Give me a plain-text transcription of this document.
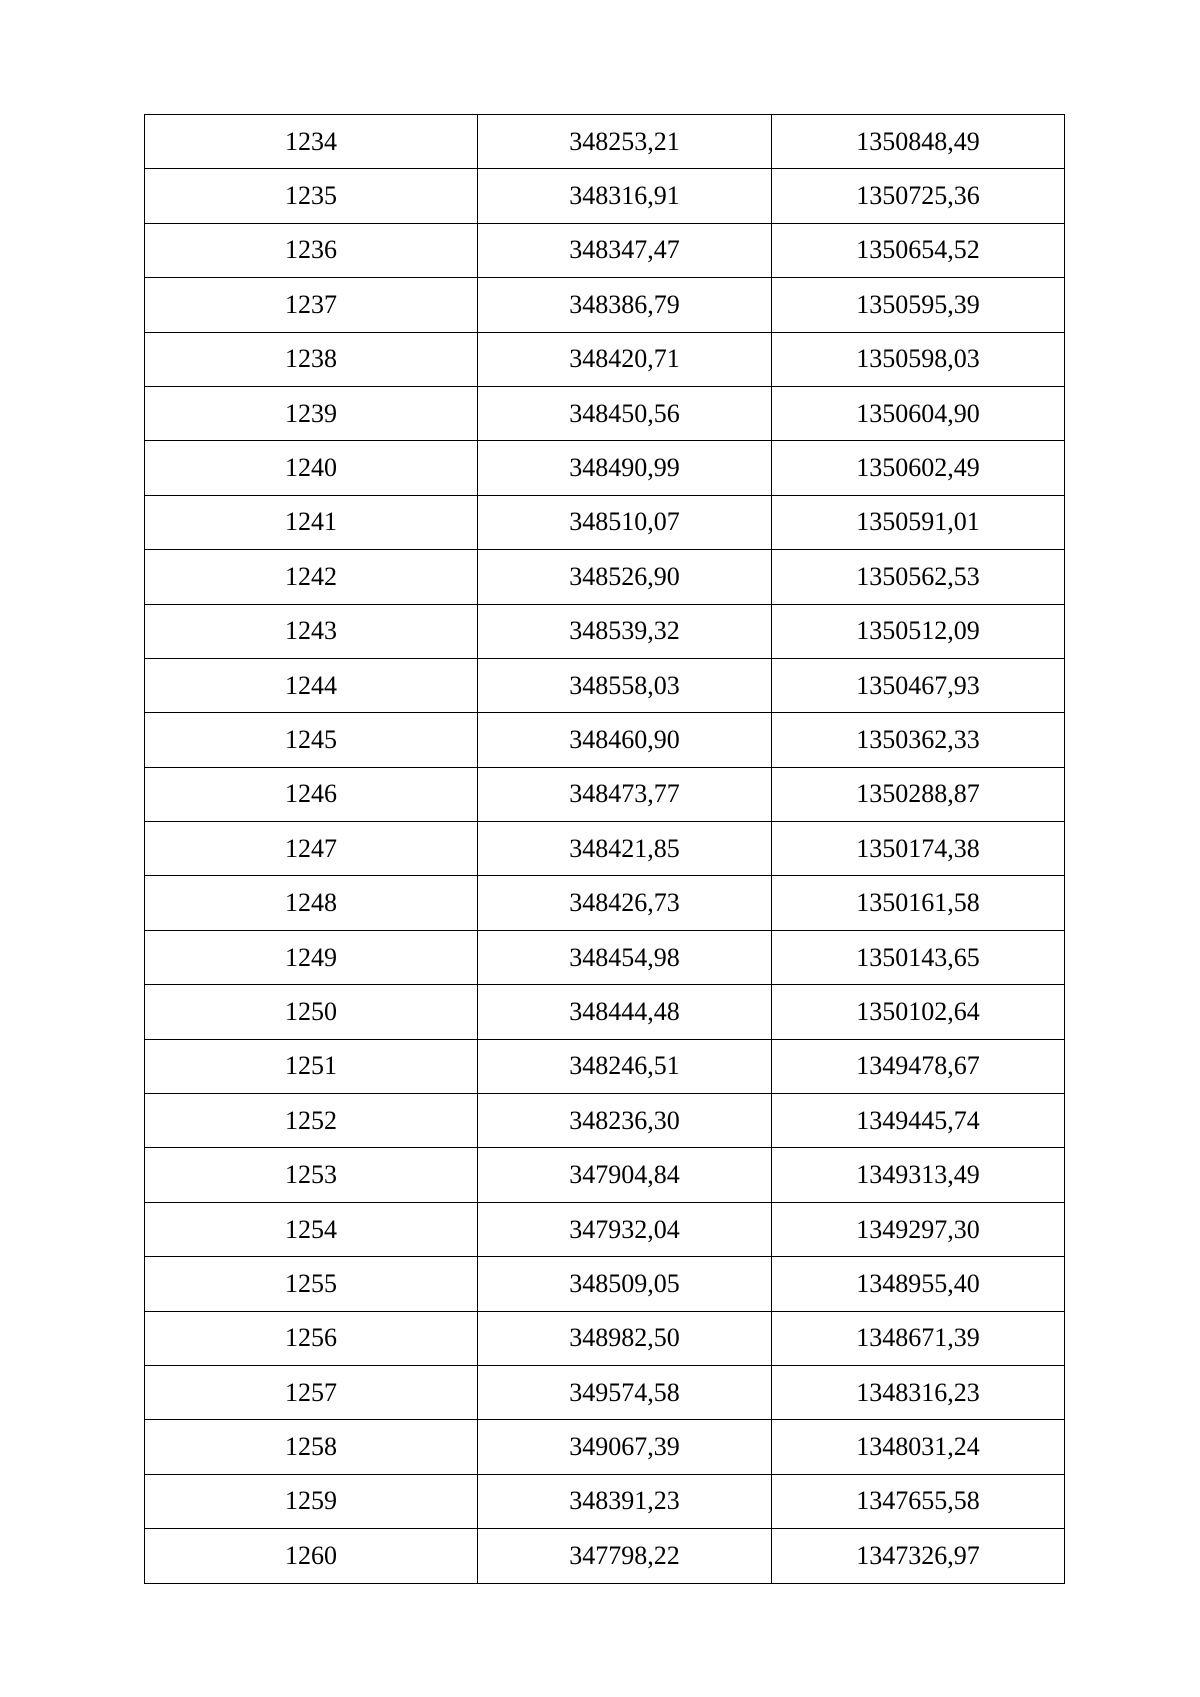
1234	348253,21	1350848,49
1235	348316,91	1350725,36
1236	348347,47	1350654,52
1237	348386,79	1350595,39
1238	348420,71	1350598,03
1239	348450,56	1350604,90
1240	348490,99	1350602,49
1241	348510,07	1350591,01
1242	348526,90	1350562,53
1243	348539,32	1350512,09
1244	348558,03	1350467,93
1245	348460,90	1350362,33
1246	348473,77	1350288,87
1247	348421,85	1350174,38
1248	348426,73	1350161,58
1249	348454,98	1350143,65
1250	348444,48	1350102,64
1251	348246,51	1349478,67
1252	348236,30	1349445,74
1253	347904,84	1349313,49
1254	347932,04	1349297,30
1255	348509,05	1348955,40
1256	348982,50	1348671,39
1257	349574,58	1348316,23
1258	349067,39	1348031,24
1259	348391,23	1347655,58
1260	347798,22	1347326,97
